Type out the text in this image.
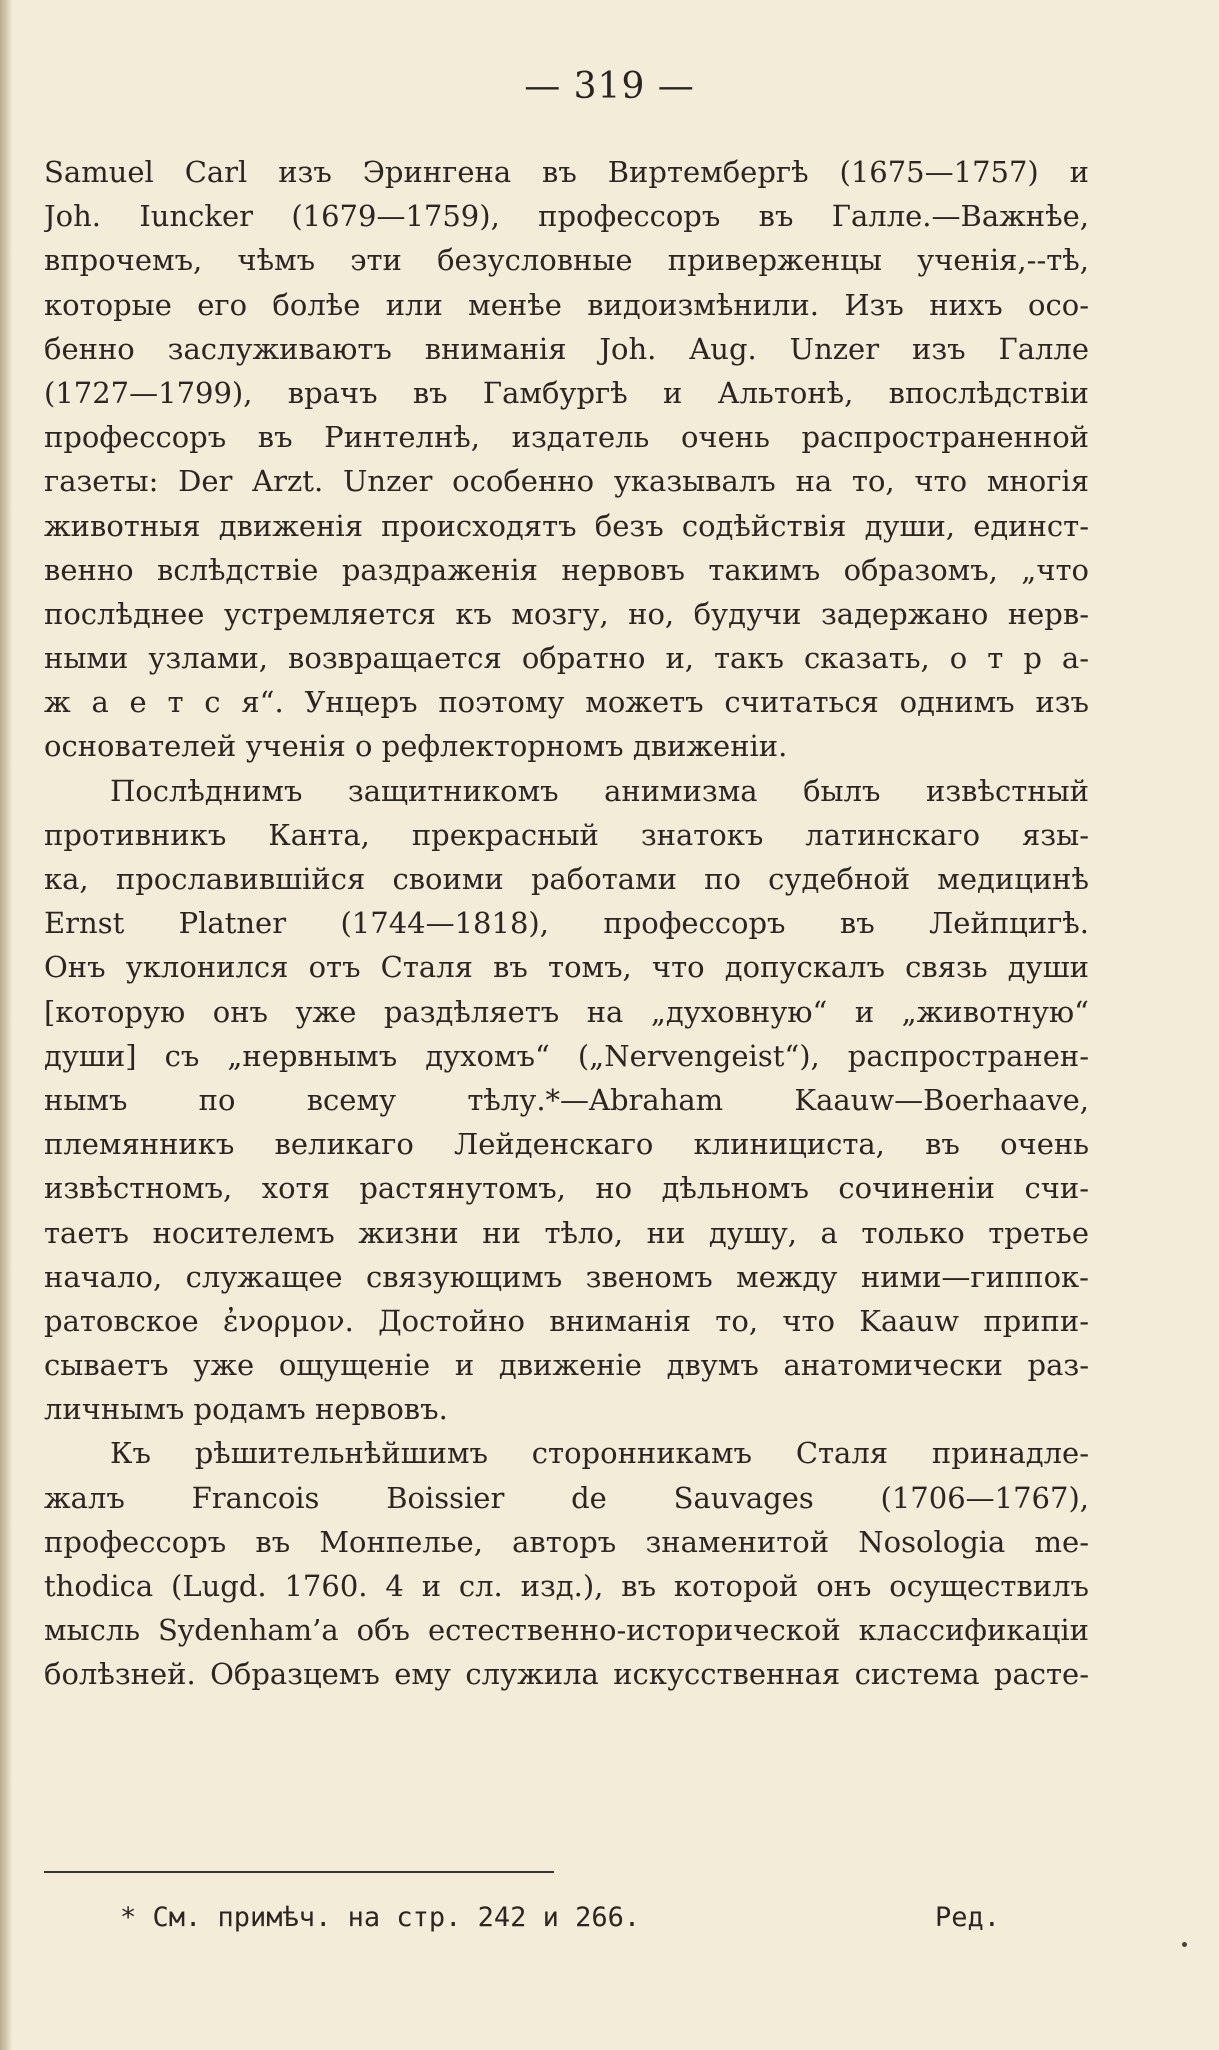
— 319 —
Samuel Carl изъ Эрингена въ Виртембергѣ (1675—1757) и
Joh. Iuncker (1679—1759), профессоръ въ Галле.—Важнѣе,
впрочемъ, чѣмъ эти безусловные приверженцы ученія,--тѣ,
которые его болѣе или менѣе видоизмѣнили. Изъ нихъ осо-
бенно заслуживаютъ вниманія Joh. Aug. Unzer изъ Галле
(1727—1799), врачъ въ Гамбургѣ и Альтонѣ, впослѣдствіи
профессоръ въ Ринтелнѣ, издатель очень распространенной
газеты: Der Arzt. Unzer особенно указывалъ на то, что многія
животныя движенія происходятъ безъ содѣйствія души, единст-
венно вслѣдствіе раздраженія нервовъ такимъ образомъ, „что
послѣднее устремляется къ мозгу, но, будучи задержано нерв-
ными узлами, возвращается обратно и, такъ сказать, о т р а-
ж а е т с я“. Унцеръ поэтому можетъ считаться однимъ изъ
основателей ученія о рефлекторномъ движеніи.
Послѣднимъ защитникомъ анимизма былъ извѣстный
противникъ Канта, прекрасный знатокъ латинскаго язы-
ка, прославившійся своими работами по судебной медицинѣ
Ernst Platner (1744—1818), профессоръ въ Лейпцигѣ.
Онъ уклонился отъ Сталя въ томъ, что допускалъ связь души
[которую онъ уже раздѣляетъ на „духовную“ и „животную“
души] съ „нервнымъ духомъ“ („Nervengeist“), распространен-
нымъ по всему тѣлу.*—Abraham Kaauw—Boerhaave,
племянникъ великаго Лейденскаго клинициста, въ очень
извѣстномъ, хотя растянутомъ, но дѣльномъ сочиненіи счи-
таетъ носителемъ жизни ни тѣло, ни душу, а только третье
начало, служащее связующимъ звеномъ между ними—гиппок-
ратовское ἐνορμον. Достойно вниманія то, что Kaauw припи-
сываетъ уже ощущеніе и движеніе двумъ анатомически раз-
личнымъ родамъ нервовъ.
Къ рѣшительнѣйшимъ сторонникамъ Сталя принадле-
жалъ Francois Boissier de Sauvages (1706—1767),
профессоръ въ Монпелье, авторъ знаменитой Nosologia me-
thodica (Lugd. 1760. 4 и сл. изд.), въ которой онъ осуществилъ
мысль Sydenham’а объ естественно-исторической классификаціи
болѣзней. Образцемъ ему служила искусственная система расте-
* См. примѣч. на стр. 242 и 266.	Ред.
